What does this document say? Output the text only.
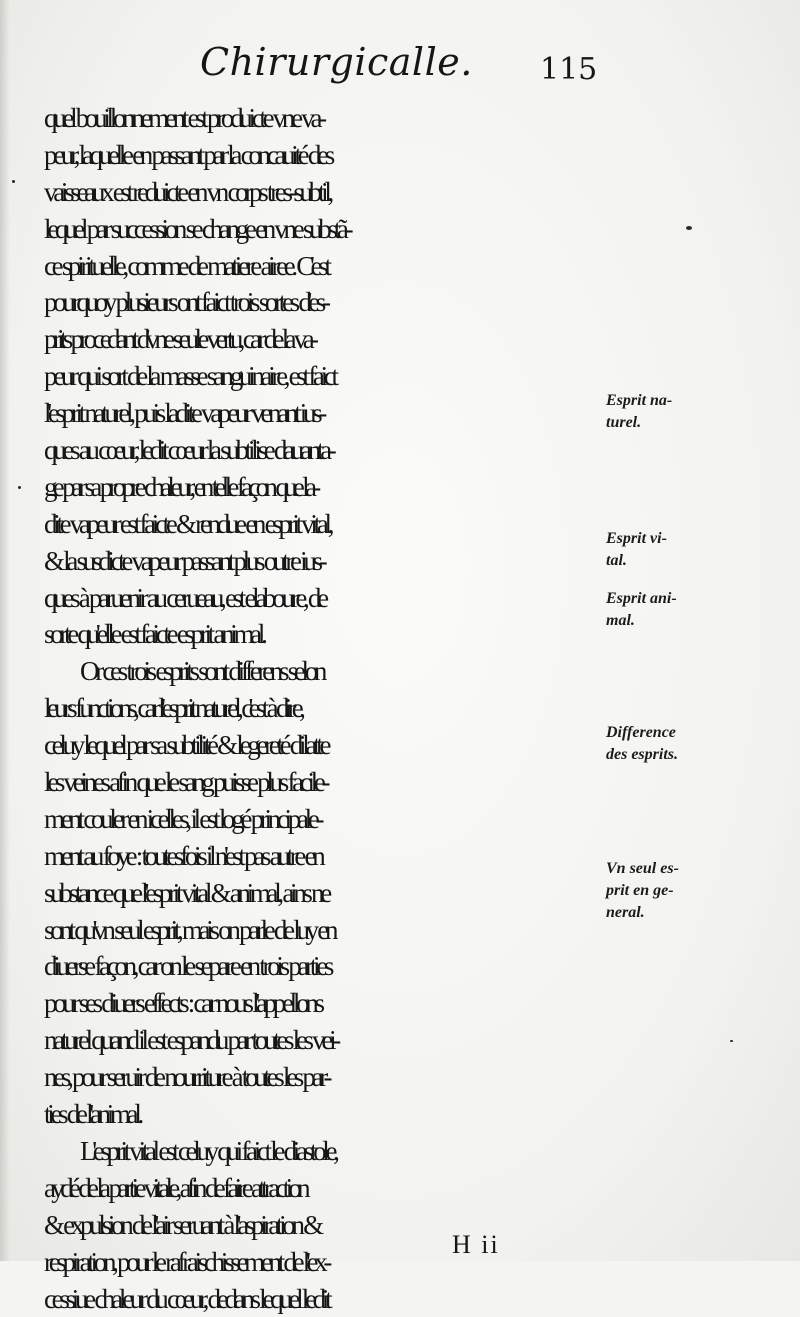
Chirurgicalle. 115
quel bouillonnement est produicte vne va-
peur, laquelle en passant par la concauité des
vaisseaux est reduicte en vn corps tres-subtil,
lequel par succession se change en vne substã-
ce spirituelle, comme de matiere airee. C'est
pourquoy plusieurs ont faict trois sortes d'es-
prits procedant d'vne seule vertu, car de la va-
peur qui sort de la masse sanguinaire, est faict
l'esprit naturel, puis ladite vapeur venant ius-
ques au cœur, ledit cœur la subtilise dauanta-
ge par sa propre chaleur, en telle façon que la-
dite vapeur est faicte & rendue en esprit vital,
& la susdicte vapeur passant plus outre ius-
ques à paruenir au cerueau, est elaboure, de
sorte qu'elle est faicte esprit animal.
Or ces trois esprits sont differens selon
leurs functions, car l'esprit naturel, c'est à dire,
celuy lequel par sa subtilité & legereté dilatte
les veines afin que le sang puisse plus facile-
ment couler en icelles, il est logé principale-
ment au foye : toutesfois il n'est pas autre en
substance que l'esprit vital & animal, ains ne
sont qu'vn seul esprit, mais on parle de luy en
diuerse façon, car on le separe en trois parties
pour ses diuers effects : car nous l'appellons
naturel quand il est espandu par toutes les vei-
nes, pour seruir de nourriture à toutes les par-
ties de l'animal.
L'esprit vital est celuy qui faict le diastole,
aydé de la partie vitale, afin de faire attraction
& expulsion de l'air seruant à l'aspiration &
respiration, pour le rafraischissement de l'ex-
cessiue chaleur du cœur, dedans lequel ledit
Esprit na-
turel.
Esprit vi-
tal.
Esprit ani-
mal.
Difference
des esprits.
Vn seul es-
prit en ge-
neral.
H ii
